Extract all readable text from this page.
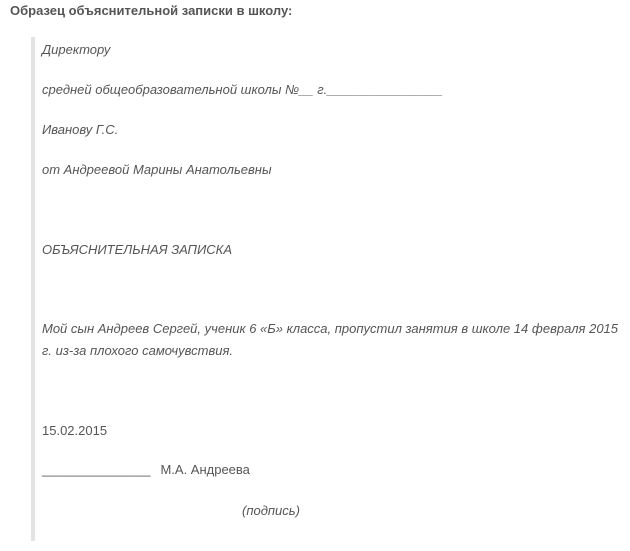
Образец объяснительной записки в школу:
Директору
средней общеобразовательной школы №__ г.________________
Иванову Г.С.
от Андреевой Марины Анатольевны
ОБЪЯСНИТЕЛЬНАЯ ЗАПИСКА
Мой сын Андреев Сергей, ученик 6 «Б» класса, пропустил занятия в школе 14 февраля 2015 г. из-за плохого самочувствия.
15.02.2015
_______________ М.А. Андреева
(подпись)
